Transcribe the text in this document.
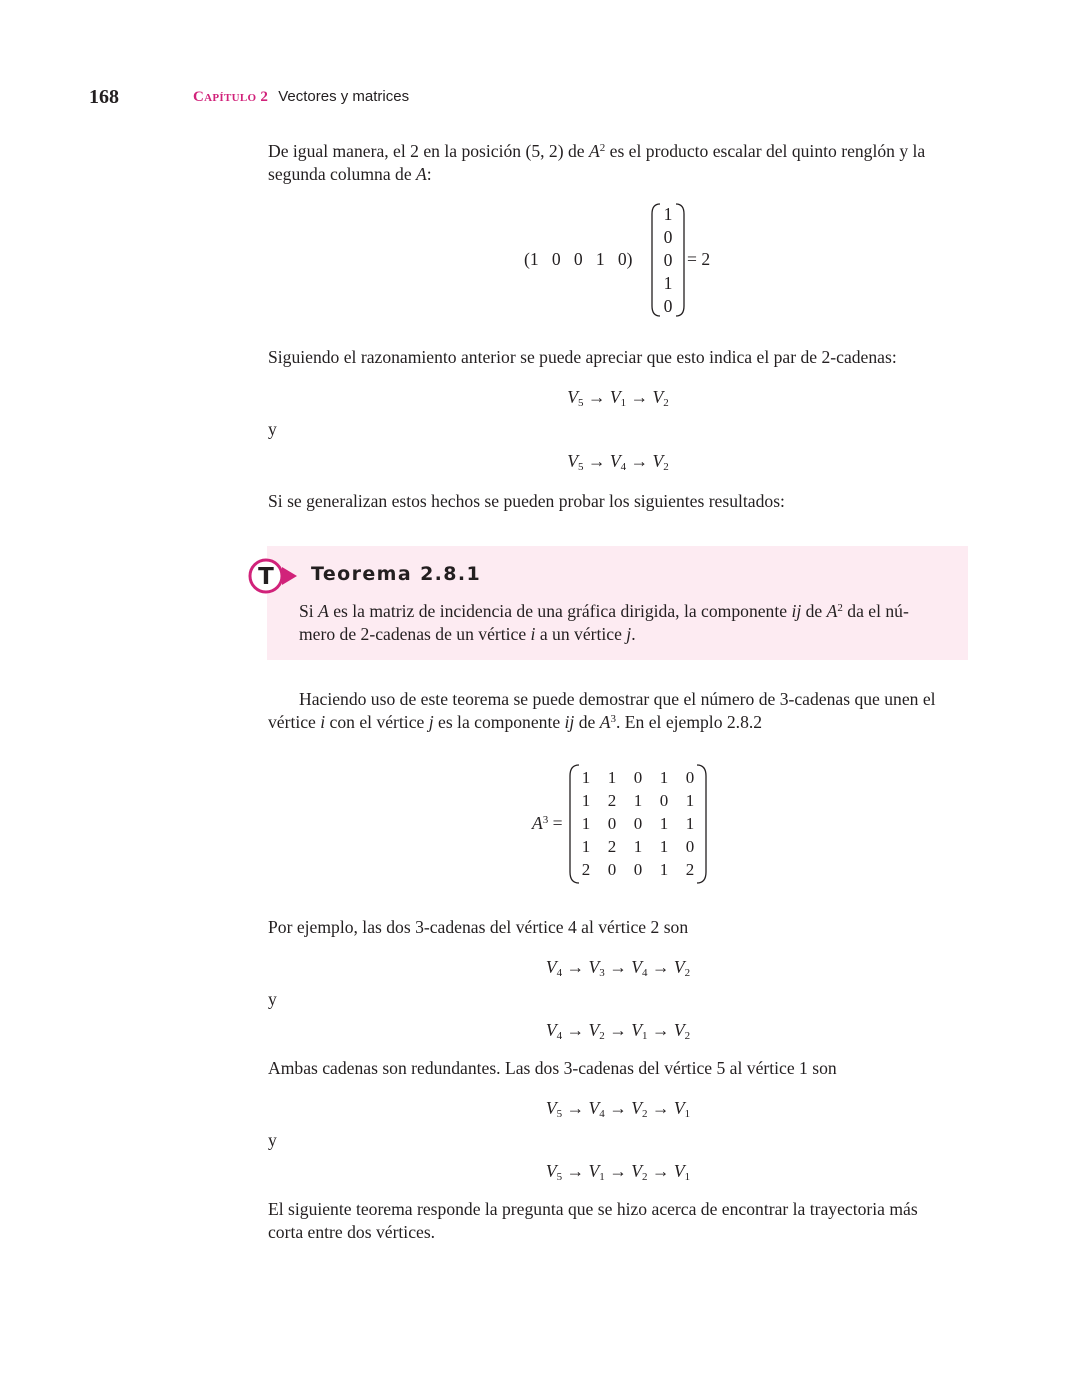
168	Capítulo 2 Vectores y matrices
De igual manera, el 2 en la posición (5, 2) de $A^2$ es el producto escalar del quinto renglón y la
segunda columna de A:
(1   0   0   1   0)
1
0
0
1
0
= 2
Siguiendo el razonamiento anterior se puede apreciar que esto indica el par de 2-cadenas:
$V_5 \to V_1 \to V_2$
y
$V_5 \to V_4 \to V_2$
Si se generalizan estos hechos se pueden probar los siguientes resultados:
T Teorema 2.8.1
Si A es la matriz de incidencia de una gráfica dirigida, la componente ij de $A^2$ da el nú-
mero de 2-cadenas de un vértice i a un vértice j.
Haciendo uso de este teorema se puede demostrar que el número de 3-cadenas que unen el
vértice i con el vértice j es la componente ij de $A^3$. En el ejemplo 2.8.2
$A^3$ =
1	1	0	1	0
1	2	1	0	1
1	0	0	1	1
1	2	1	1	0
2	0	0	1	2
Por ejemplo, las dos 3-cadenas del vértice 4 al vértice 2 son
$V_4 \to V_3 \to V_4 \to V_2$
y
$V_4 \to V_2 \to V_1 \to V_2$
Ambas cadenas son redundantes. Las dos 3-cadenas del vértice 5 al vértice 1 son
$V_5 \to V_4 \to V_2 \to V_1$
y
$V_5 \to V_1 \to V_2 \to V_1$
El siguiente teorema responde la pregunta que se hizo acerca de encontrar la trayectoria más
corta entre dos vértices.
